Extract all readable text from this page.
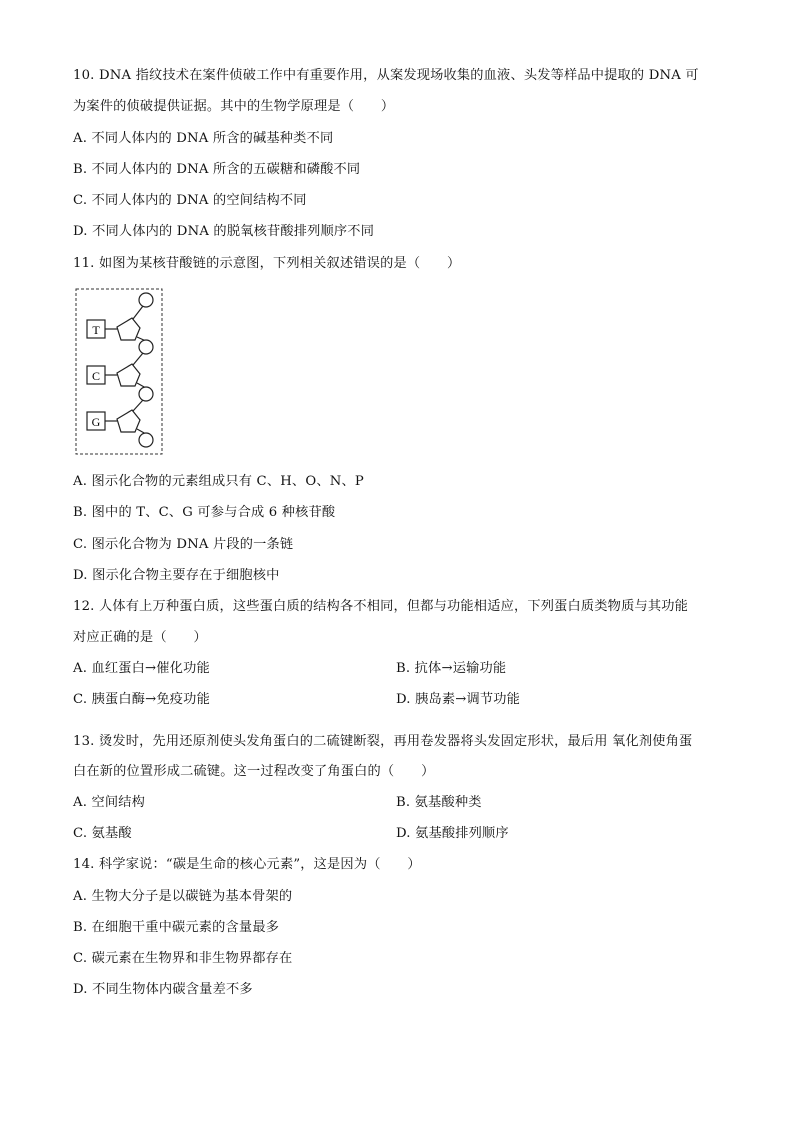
10. DNA 指纹技术在案件侦破工作中有重要作用，从案发现场收集的血液、头发等样品中提取的 DNA 可
为案件的侦破提供证据。其中的生物学原理是（　　）
A. 不同人体内的 DNA 所含的碱基种类不同
B. 不同人体内的 DNA 所含的五碳糖和磷酸不同
C. 不同人体内的 DNA 的空间结构不同
D. 不同人体内的 DNA 的脱氧核苷酸排列顺序不同
11. 如图为某核苷酸链的示意图，下列相关叙述错误的是（　　）
T
C
G
A. 图示化合物的元素组成只有 C、H、O、N、P
B. 图中的 T、C、G 可参与合成 6 种核苷酸
C. 图示化合物为 DNA 片段的一条链
D. 图示化合物主要存在于细胞核中
12. 人体有上万种蛋白质，这些蛋白质的结构各不相同，但都与功能相适应，下列蛋白质类物质与其功能
对应正确的是（　　）
A. 血红蛋白→催化功能	B. 抗体→运输功能
C. 胰蛋白酶→免疫功能	D. 胰岛素→调节功能
13. 烫发时，先用还原剂使头发角蛋白的二硫键断裂，再用卷发器将头发固定形状，最后用 氧化剂使角蛋
白在新的位置形成二硫键。这一过程改变了角蛋白的（　　）
A. 空间结构	B. 氨基酸种类
C. 氨基酸	D. 氨基酸排列顺序
14. 科学家说：“碳是生命的核心元素”，这是因为（　　）
A. 生物大分子是以碳链为基本骨架的
B. 在细胞干重中碳元素的含量最多
C. 碳元素在生物界和非生物界都存在
D. 不同生物体内碳含量差不多
